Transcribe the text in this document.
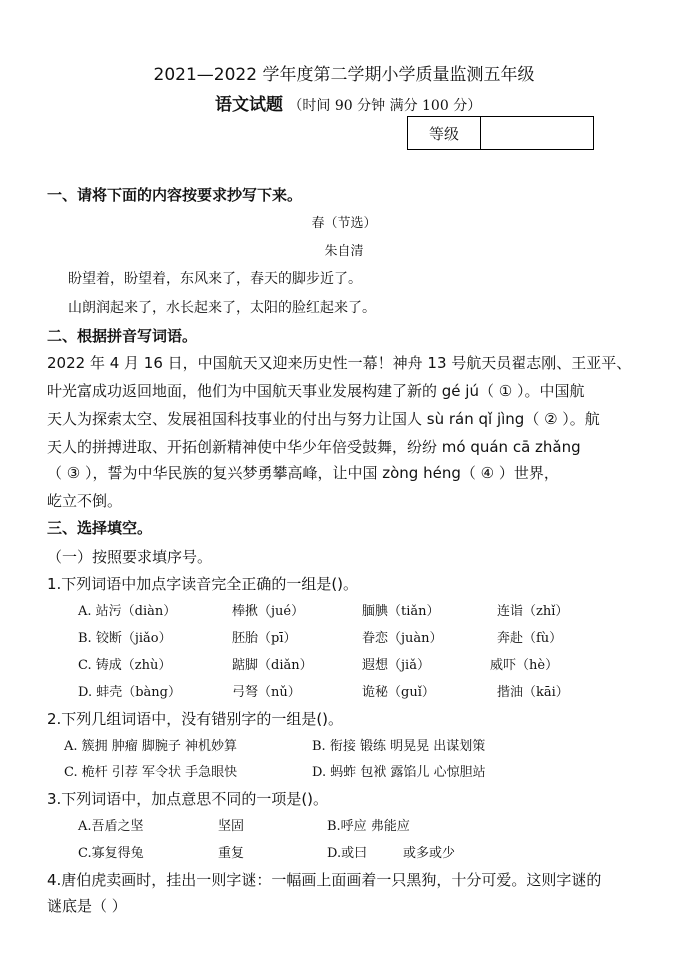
2021—2022 学年度第二学期小学质量监测五年级
语文试题 （时间 90 分钟 满分 100 分）
等级
一、请将下面的内容按要求抄写下来。
春（节选）
朱自清
盼望着，盼望着，东风来了，春天的脚步近了。
山朗润起来了，水长起来了，太阳的脸红起来了。
二、根据拼音写词语。
2022 年 4 月 16 日，中国航天又迎来历史性一幕！神舟 13 号航天员翟志刚、王亚平、
叶光富成功返回地面，他们为中国航天事业发展构建了新的 gé jú（ ① ）。中国航
天人为探索太空、发展祖国科技事业的付出与努力让国人 sù rán qǐ jìng（ ② ）。航
天人的拼搏进取、开拓创新精神使中华少年倍受鼓舞，纷纷 mó quán cā zhǎng
（ ③ ），誓为中华民族的复兴梦勇攀高峰，让中国 zòng héng（ ④ ）世界，
屹立不倒。
三、选择填空。
（一）按照要求填序号。
1.下列词语中加点字读音完全正确的一组是()。
A. 站污（diàn）	棒揪（jué）	腼腆（tiǎn）	连诣（zhǐ）
B. 铰断（jiǎo）	胚胎（pī）	眷恋（juàn）	奔赴（fù）
C. 铸成（zhù）	踮脚（diǎn）	遐想（jiǎ）	威吓（hè）
D. 蚌壳（bàng）	弓弩（nǔ）	诡秘（guǐ）	揩油（kāi）
2.下列几组词语中，没有错别字的一组是()。
A. 簇拥 肿瘤 脚腕子 神机妙算	B. 衔接 锻练 明晃晃 出谋划策
C. 桅杆 引荐 军令状 手急眼快	D. 蚂蚱 包袱 露馅儿 心惊胆站
3.下列词语中，加点意思不同的一项是()。
A.吾盾之坚	坚固	B.呼应 弗能应
C.寡复得兔	重复	D.或曰	或多或少
4.唐伯虎卖画时，挂出一则字谜：一幅画上面画着一只黑狗，十分可爱。这则字谜的
谜底是（ ）
